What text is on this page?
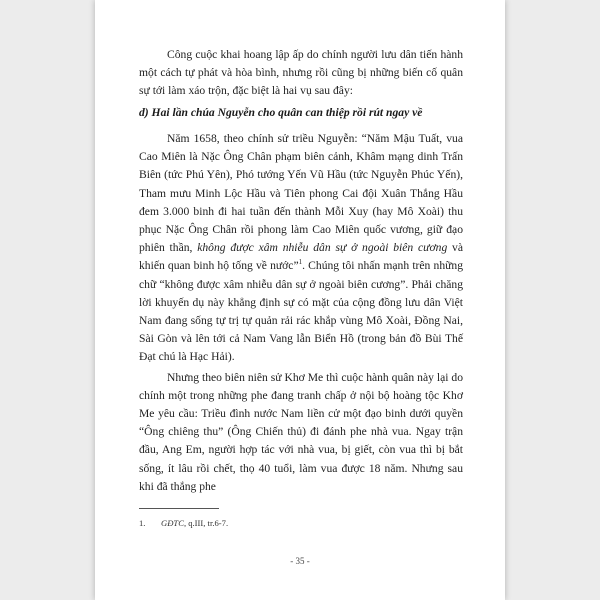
Công cuộc khai hoang lập ấp do chính người lưu dân tiến hành một cách tự phát và hòa bình, nhưng rồi cũng bị những biến cố quân sự tới làm xáo trộn, đặc biệt là hai vụ sau đây:

d) Hai lần chúa Nguyễn cho quân can thiệp rồi rút ngay về

Năm 1658, theo chính sử triều Nguyễn: “Năm Mậu Tuất, vua Cao Miên là Nặc Ông Chân phạm biên cảnh, Khâm mạng dinh Trấn Biên (tức Phú Yên), Phó tướng Yến Vũ Hầu (tức Nguyễn Phúc Yến), Tham mưu Minh Lộc Hầu và Tiên phong Cai đội Xuân Thắng Hầu đem 3.000 binh đi hai tuần đến thành Mỗi Xuy (hay Mô Xoài) thu phục Nặc Ông Chân rồi phong làm Cao Miên quốc vương, giữ đạo phiên thần, không được xâm nhiễu dân sự ở ngoài biên cương và khiến quan binh hộ tống về nước”$^1$. Chúng tôi nhấn mạnh trên những chữ “không được xâm nhiễu dân sự ở ngoài biên cương”. Phải chăng lời khuyến dụ này khẳng định sự có mặt của cộng đồng lưu dân Việt Nam đang sống tự trị tự quản rải rác khắp vùng Mô Xoài, Đồng Nai, Sài Gòn và lên tới cả Nam Vang lẫn Biển Hồ (trong bản đồ Bùi Thế Đạt chú là Hạc Hải).

Nhưng theo biên niên sử Khơ Me thì cuộc hành quân này lại do chính một trong những phe đang tranh chấp ở nội bộ hoàng tộc Khơ Me yêu cầu: Triều đình nước Nam liền cử một đạo binh dưới quyền “Ông chiêng thu” (Ông Chiến thủ) đi đánh phe nhà vua. Ngay trận đầu, Ang Em, người hợp tác với nhà vua, bị giết, còn vua thì bị bắt sống, ít lâu rồi chết, thọ 40 tuổi, làm vua được 18 năm. Nhưng sau khi đã thắng phe

1. GĐTC, q.III, tr.6-7.
- 35 -
